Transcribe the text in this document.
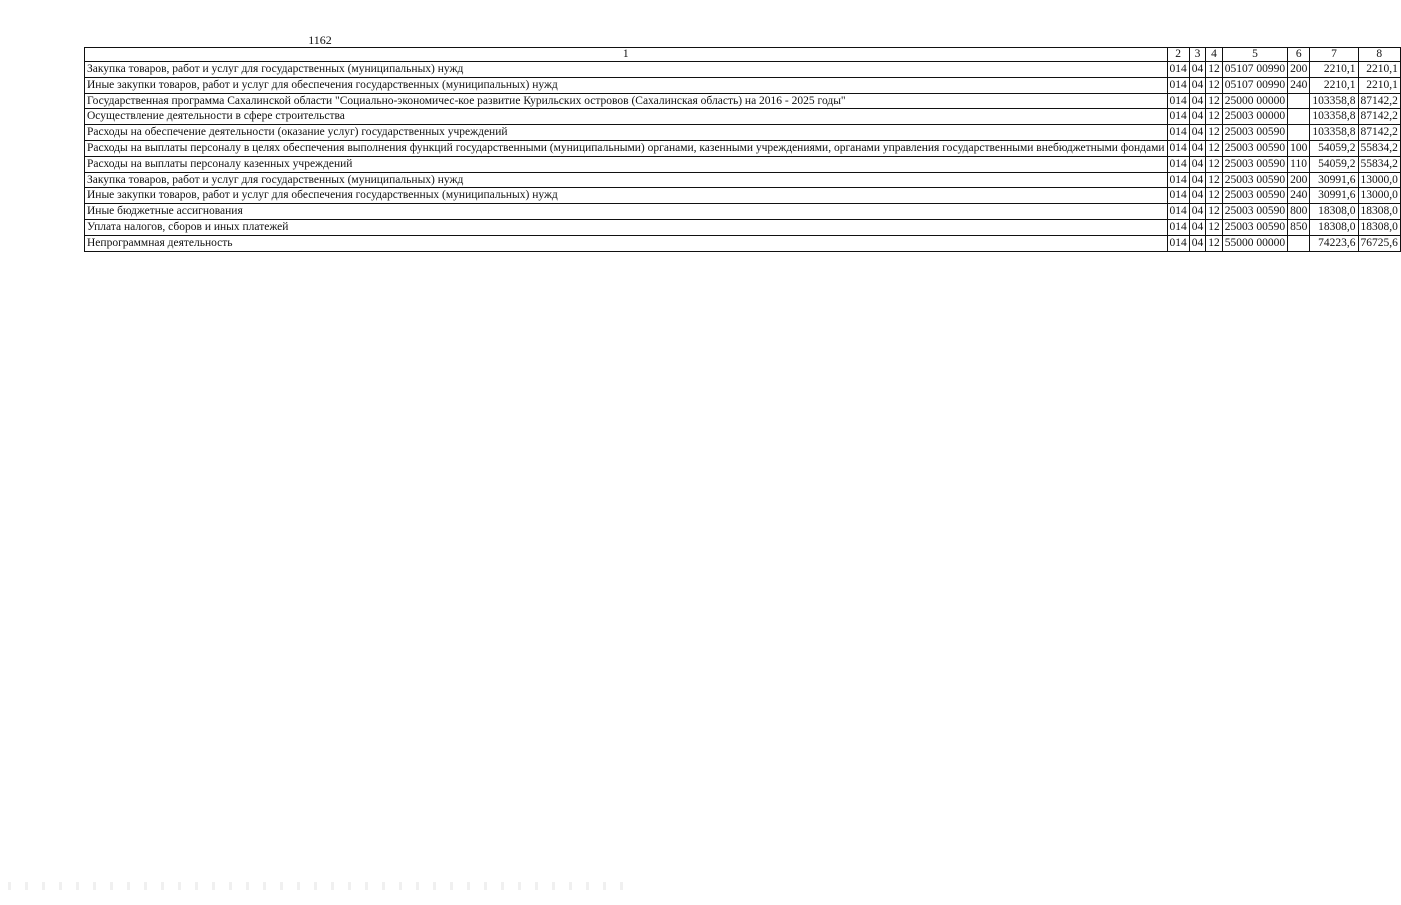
1162
1	2	3	4	5	6	7	8
Закупка товаров, работ и услуг для государственных (муниципальных) нужд	014	04	12	05107 00990	200	2210,1	2210,1
Иные закупки товаров, работ и услуг для обеспечения государственных (муниципальных) нужд	014	04	12	05107 00990	240	2210,1	2210,1
Государственная программа Сахалинской области "Социально-экономичес-кое развитие Курильских островов (Сахалинская область) на 2016 - 2025 годы"	014	04	12	25000 00000		103358,8	87142,2
Осуществление деятельности в сфере строительства	014	04	12	25003 00000		103358,8	87142,2
Расходы на обеспечение деятельности (оказание услуг) государственных учреждений	014	04	12	25003 00590		103358,8	87142,2
Расходы на выплаты персоналу в целях обеспечения выполнения функций государственными (муниципальными) органами, казенными учреждениями, органами управления государственными внебюджетными фондами	014	04	12	25003 00590	100	54059,2	55834,2
Расходы на выплаты персоналу казенных учреждений	014	04	12	25003 00590	110	54059,2	55834,2
Закупка товаров, работ и услуг для государственных (муниципальных) нужд	014	04	12	25003 00590	200	30991,6	13000,0
Иные закупки товаров, работ и услуг для обеспечения государственных (муниципальных) нужд	014	04	12	25003 00590	240	30991,6	13000,0
Иные бюджетные ассигнования	014	04	12	25003 00590	800	18308,0	18308,0
Уплата налогов, сборов и иных платежей	014	04	12	25003 00590	850	18308,0	18308,0
Непрограммная деятельность	014	04	12	55000 00000		74223,6	76725,6
